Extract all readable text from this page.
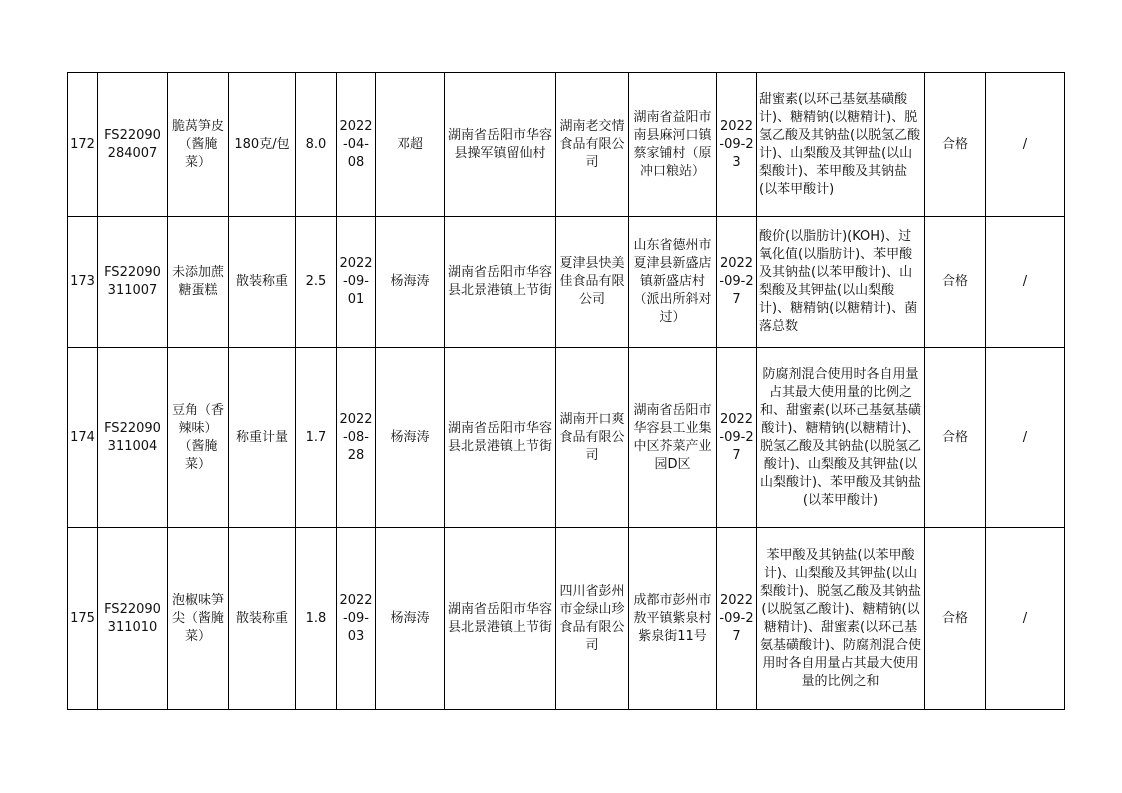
172	FS22090284007	脆莴笋皮（酱腌菜）	180克/包	8.0	2022-04-08	邓超	湖南省岳阳市华容县操军镇留仙村	湖南老交情食品有限公司	湖南省益阳市南县麻河口镇蔡家铺村（原冲口粮站）	2022-09-23	甜蜜素(以环己基氨基磺酸计)、糖精钠(以糖精计)、脱氢乙酸及其钠盐(以脱氢乙酸计)、山梨酸及其钾盐(以山梨酸计)、苯甲酸及其钠盐(以苯甲酸计)	合格	/
173	FS22090311007	未添加蔗糖蛋糕	散装称重	2.5	2022-09-01	杨海涛	湖南省岳阳市华容县北景港镇上节街	夏津县快美佳食品有限公司	山东省德州市夏津县新盛店镇新盛店村（派出所斜对过）	2022-09-27	酸价(以脂肪计)(KOH)、过氧化值(以脂肪计)、苯甲酸及其钠盐(以苯甲酸计)、山梨酸及其钾盐(以山梨酸计)、糖精钠(以糖精计)、菌落总数	合格	/
174	FS22090311004	豆角（香辣味）（酱腌菜）	称重计量	1.7	2022-08-28	杨海涛	湖南省岳阳市华容县北景港镇上节街	湖南开口爽食品有限公司	湖南省岳阳市华容县工业集中区芥菜产业园D区	2022-09-27	防腐剂混合使用时各自用量占其最大使用量的比例之和、甜蜜素(以环己基氨基磺酸计)、糖精钠(以糖精计)、脱氢乙酸及其钠盐(以脱氢乙酸计)、山梨酸及其钾盐(以山梨酸计)、苯甲酸及其钠盐(以苯甲酸计)	合格	/
175	FS22090311010	泡椒味笋尖（酱腌菜）	散装称重	1.8	2022-09-03	杨海涛	湖南省岳阳市华容县北景港镇上节街	四川省彭州市金绿山珍食品有限公司	成都市彭州市敖平镇紫泉村紫泉街11号	2022-09-27	苯甲酸及其钠盐(以苯甲酸计)、山梨酸及其钾盐(以山梨酸计)、脱氢乙酸及其钠盐(以脱氢乙酸计)、糖精钠(以糖精计)、甜蜜素(以环己基氨基磺酸计)、防腐剂混合使用时各自用量占其最大使用量的比例之和	合格	/
